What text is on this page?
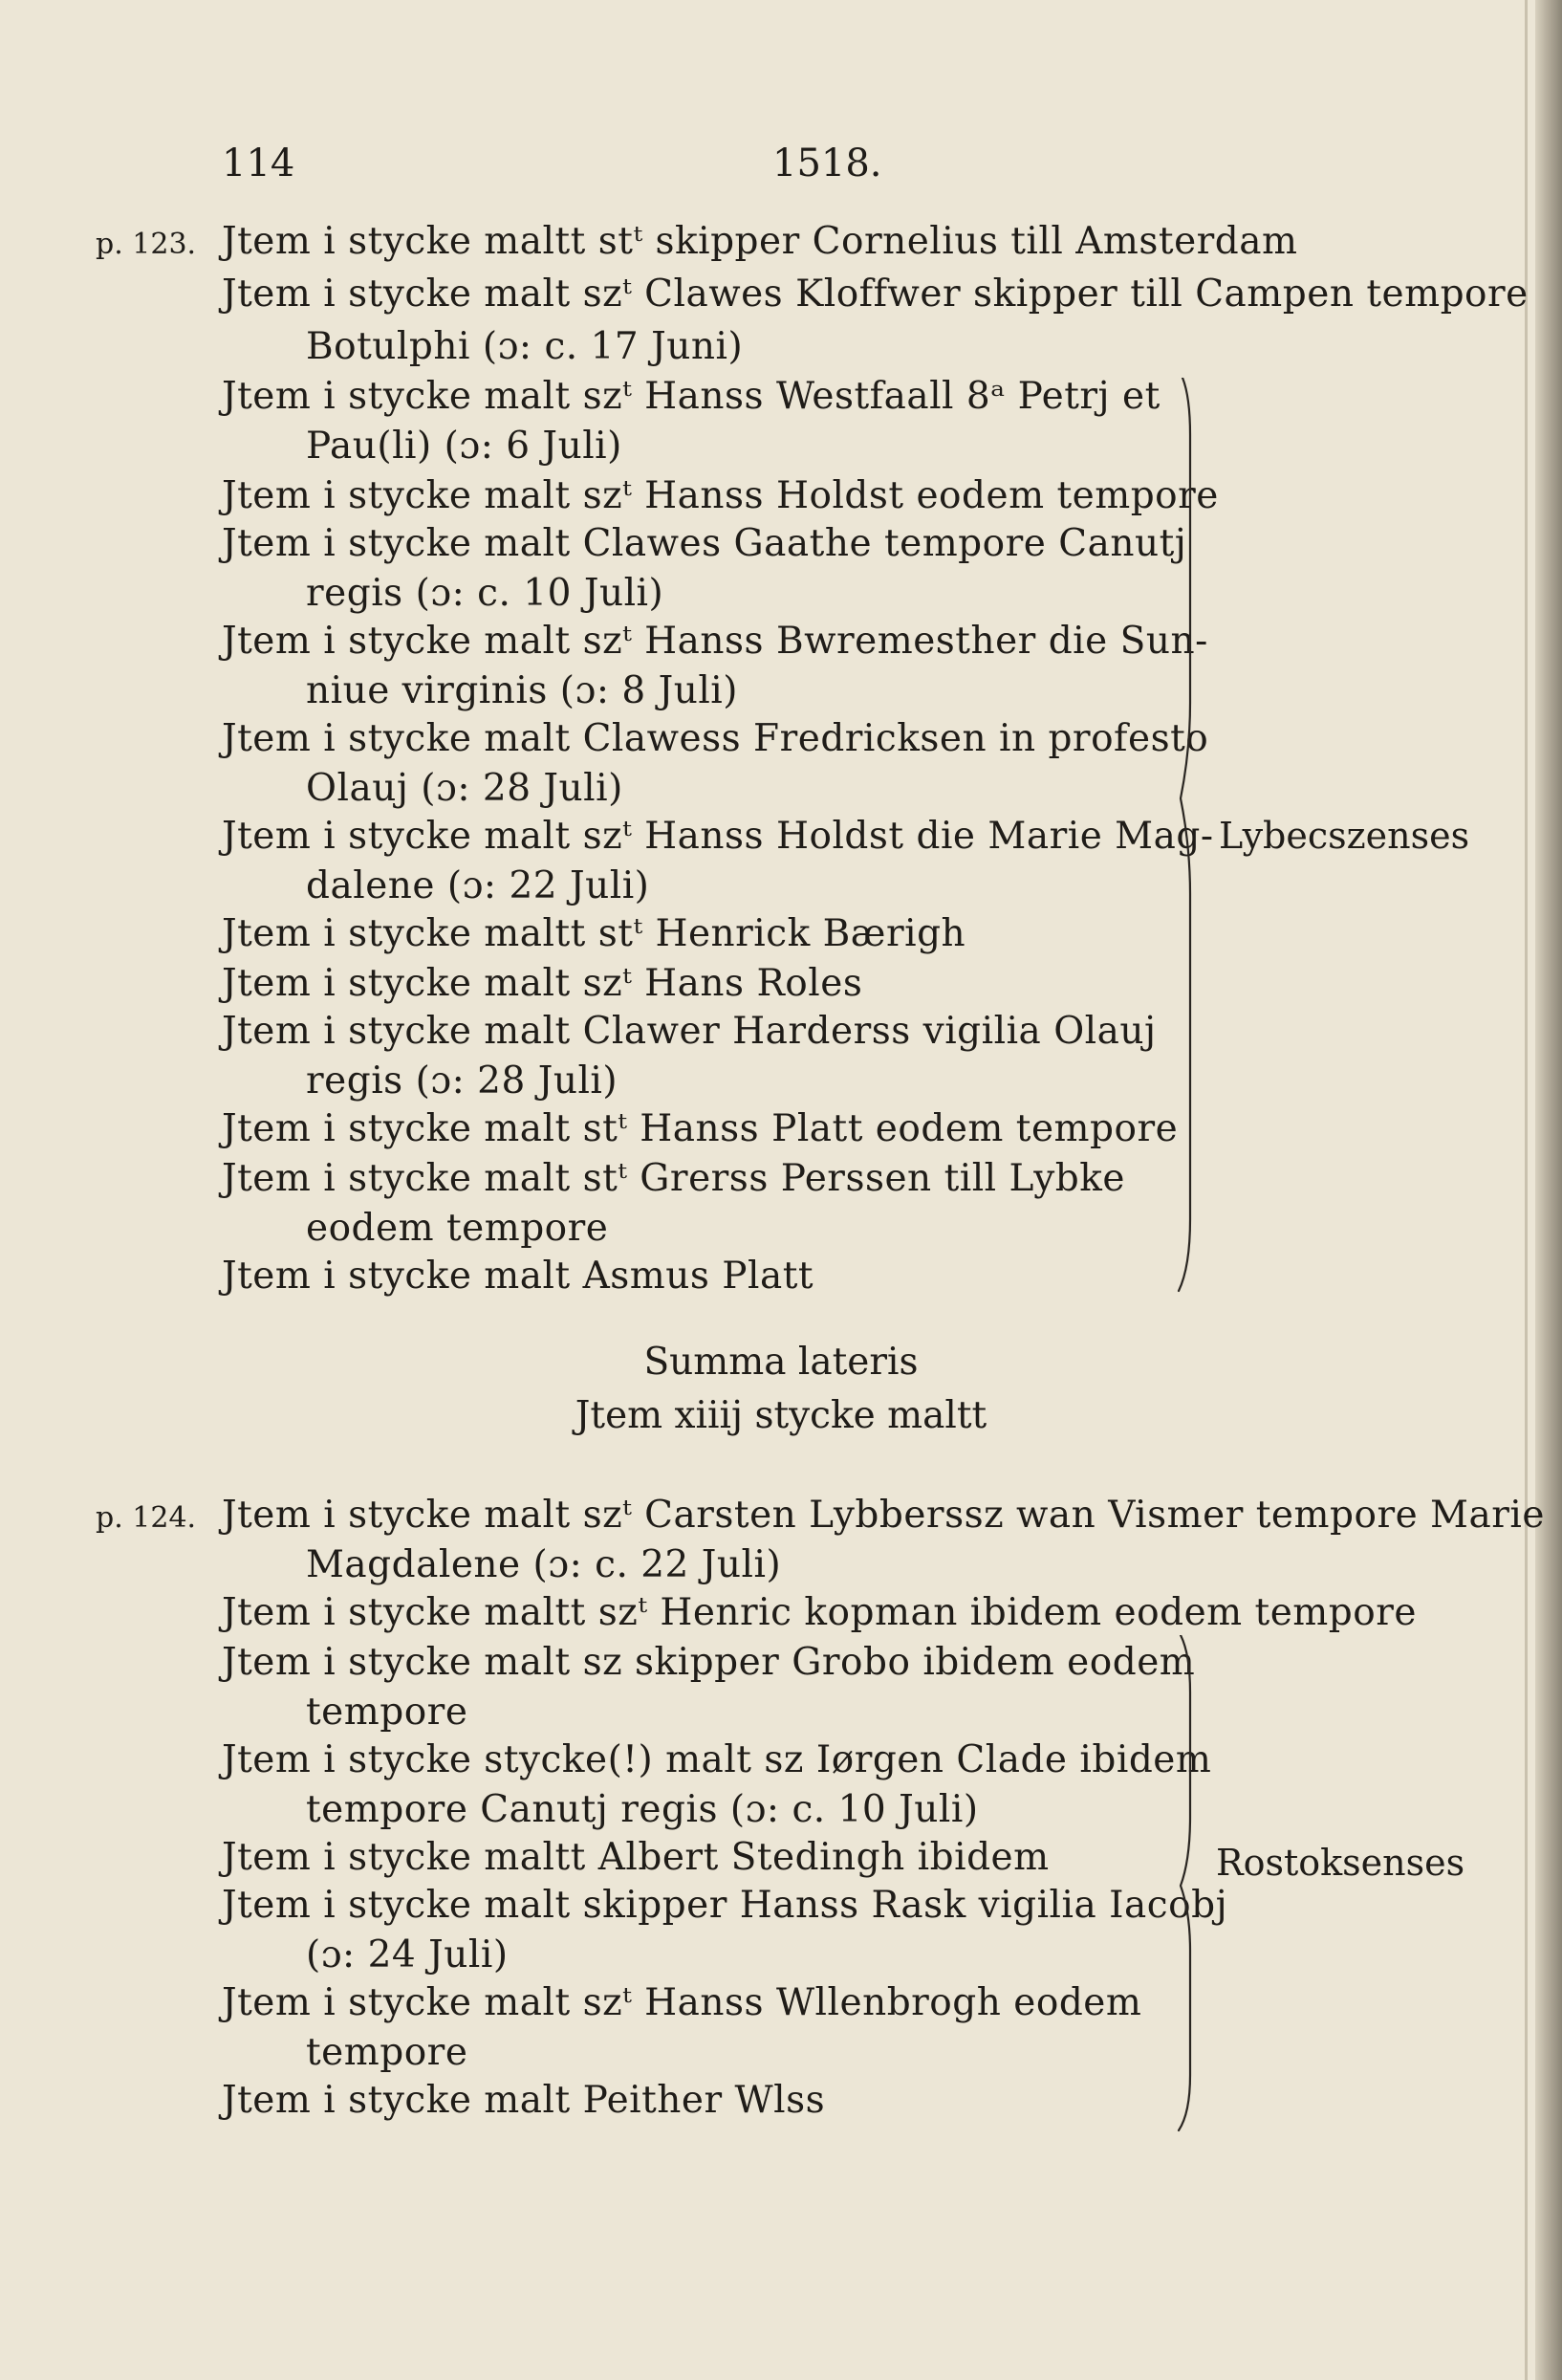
114	1518.
p. 123. Jtem i stycke maltt stᵗ skipper Cornelius till Amsterdam
Jtem i stycke malt szᵗ Clawes Kloffwer skipper till Campen tempore
Botulphi (ɔ: c. 17 Juni)
Jtem i stycke malt szᵗ Hanss Westfaall 8ᵃ Petrj et
Pau(li) (ɔ: 6 Juli)
Jtem i stycke malt szᵗ Hanss Holdst eodem tempore
Jtem i stycke malt Clawes Gaathe tempore Canutj
regis (ɔ: c. 10 Juli)
Jtem i stycke malt szᵗ Hanss Bwremesther die Sun-
niue virginis (ɔ: 8 Juli)
Jtem i stycke malt Clawess Fredricksen in profesto
Olauj (ɔ: 28 Juli)
Jtem i stycke malt szᵗ Hanss Holdst die Marie Mag-
dalene (ɔ: 22 Juli)
Jtem i stycke maltt stᵗ Henrick Bærigh
Jtem i stycke malt szᵗ Hans Roles
Jtem i stycke malt Clawer Harderss vigilia Olauj
regis (ɔ: 28 Juli)
Jtem i stycke malt stᵗ Hanss Platt eodem tempore
Jtem i stycke malt stᵗ Grerss Perssen till Lybke
eodem tempore
Jtem i stycke malt Asmus Platt
Lybecszenses
Summa lateris
Jtem xiiij stycke maltt
p. 124. Jtem i stycke malt szᵗ Carsten Lybberssz wan Vismer tempore Marie
Magdalene (ɔ: c. 22 Juli)
Jtem i stycke maltt szᵗ Henric kopman ibidem eodem tempore
Jtem i stycke malt sz skipper Grobo ibidem eodem
tempore
Jtem i stycke stycke(!) malt sz Iørgen Clade ibidem
tempore Canutj regis (ɔ: c. 10 Juli)
Jtem i stycke maltt Albert Stedingh ibidem
Jtem i stycke malt skipper Hanss Rask vigilia Iacobj
(ɔ: 24 Juli)
Jtem i stycke malt szᵗ Hanss Wllenbrogh eodem
tempore
Jtem i stycke malt Peither Wlss
Rostoksenses
